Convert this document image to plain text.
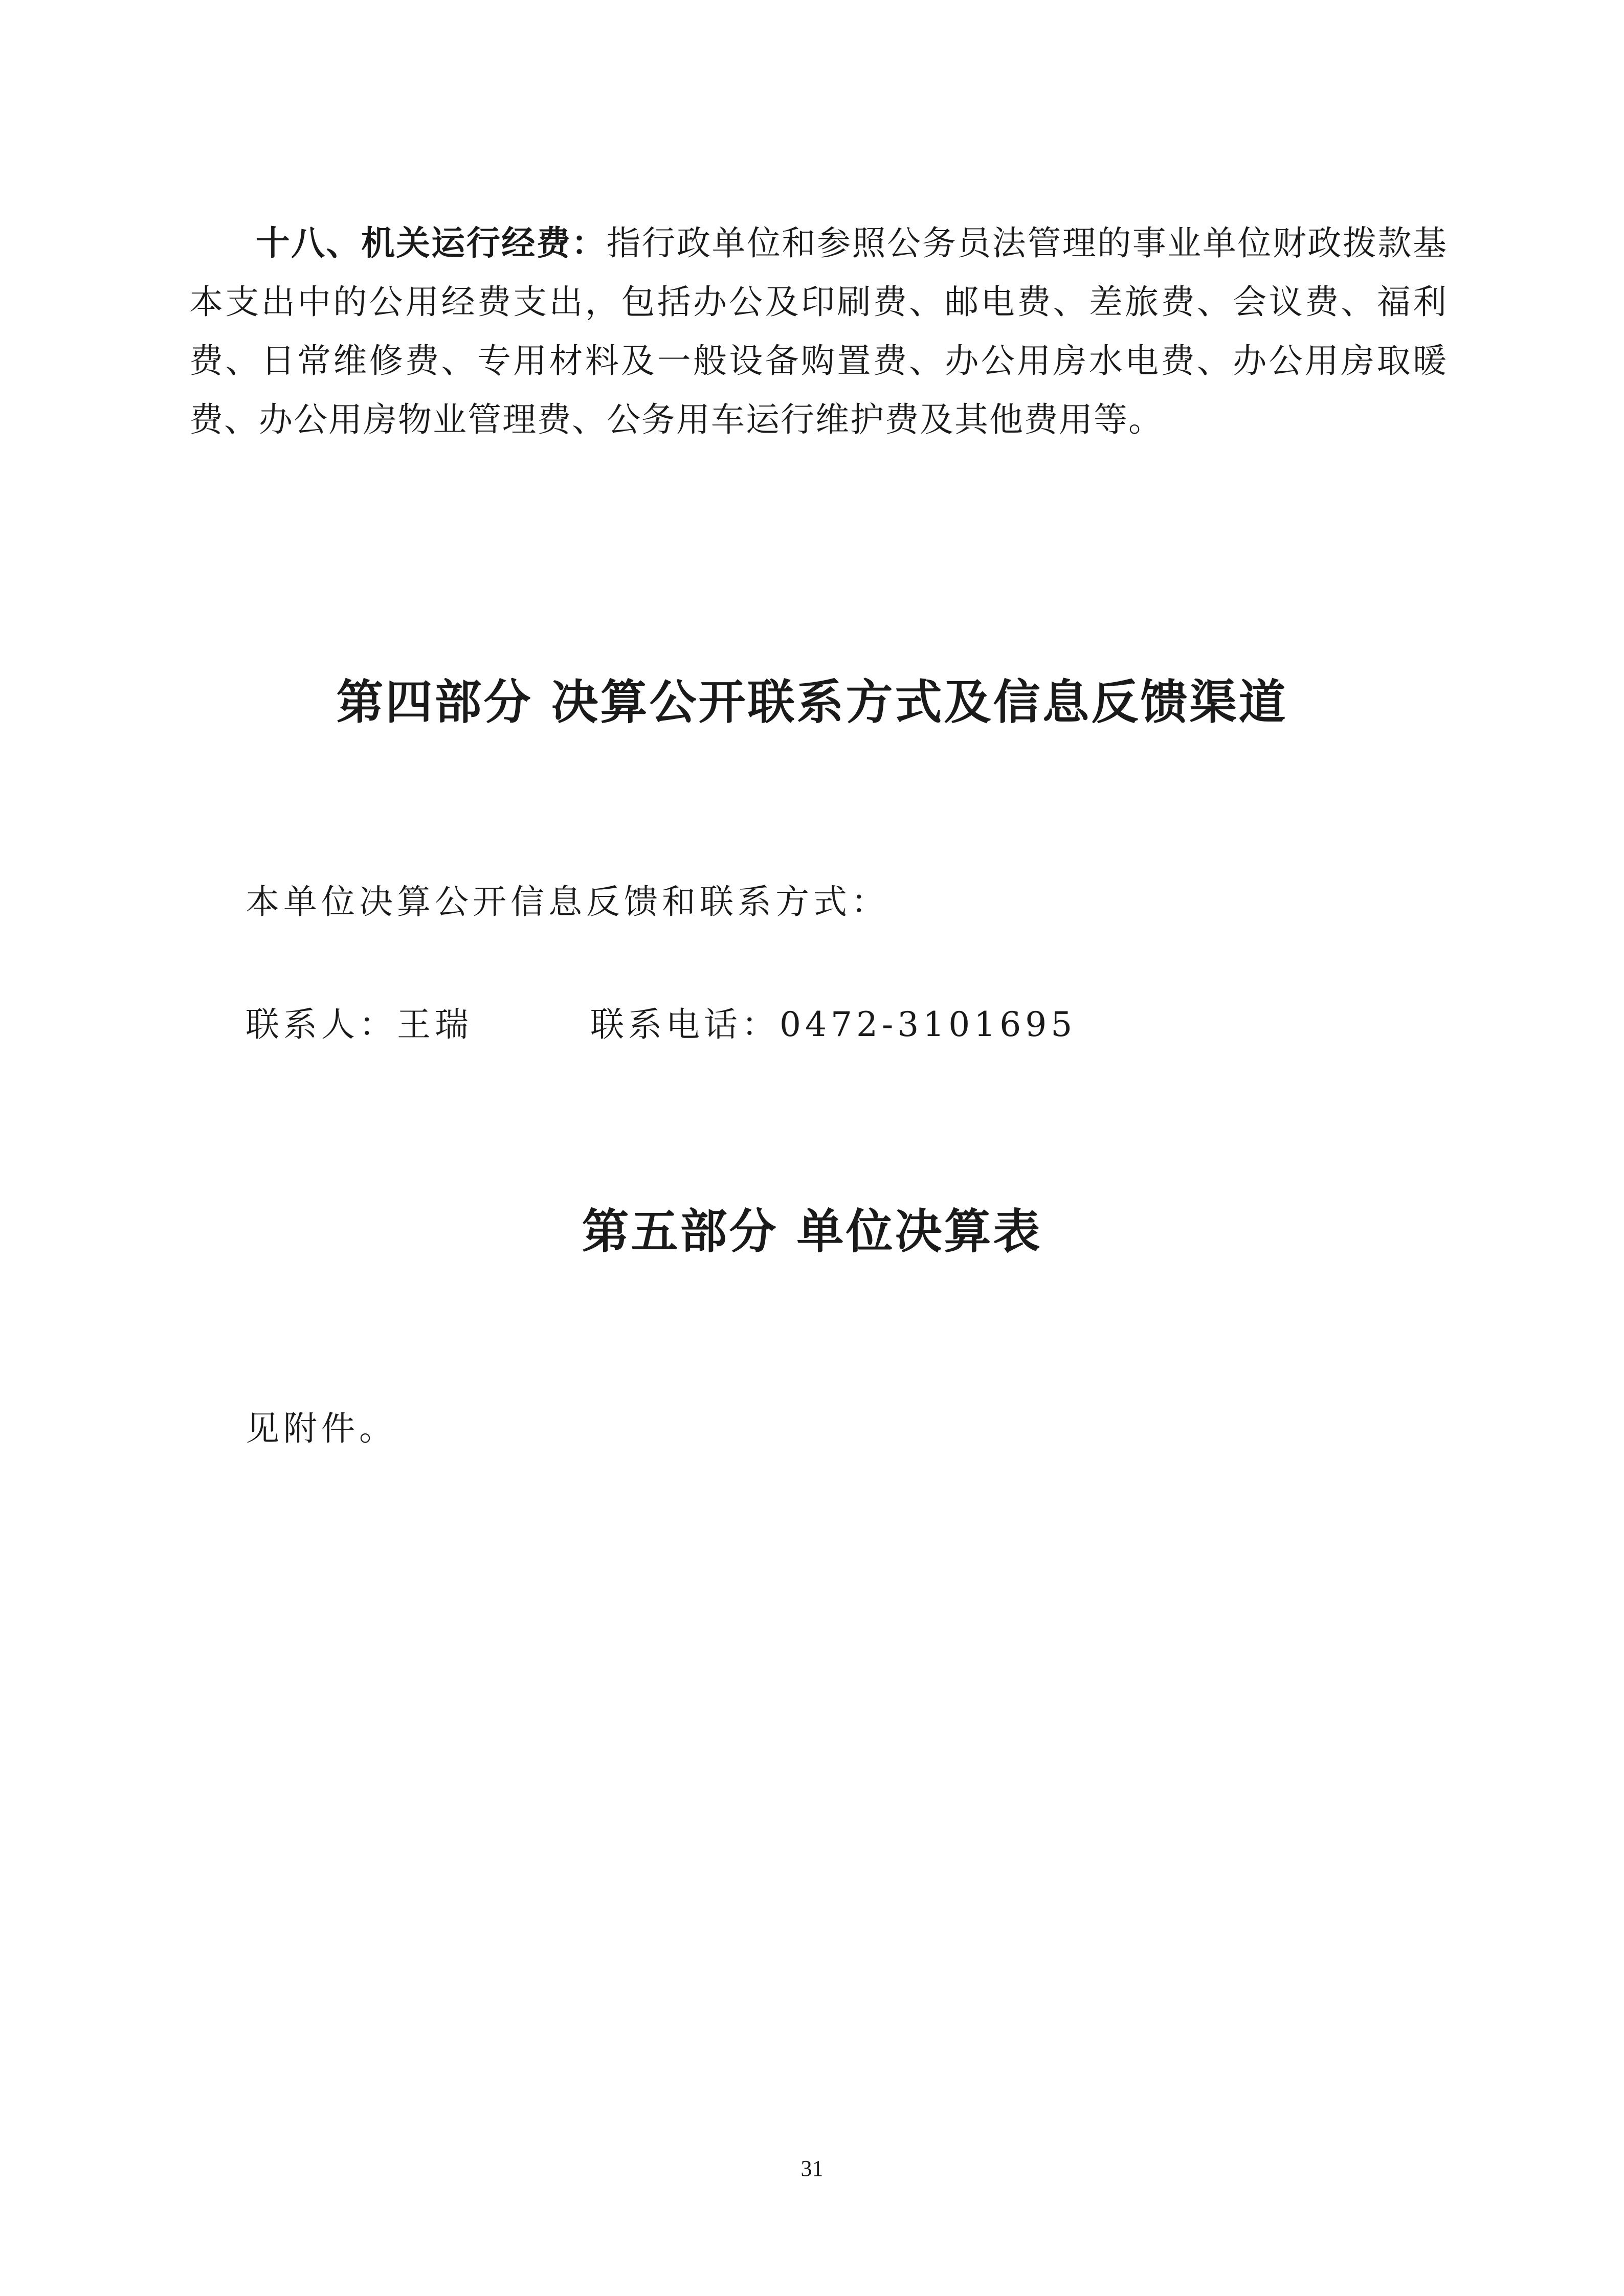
十八、机关运行经费：指行政单位和参照公务员法管理的事业单位财政拨款基本支出中的公用经费支出，包括办公及印刷费、邮电费、差旅费、会议费、福利费、日常维修费、专用材料及一般设备购置费、办公用房水电费、办公用房取暖费、办公用房物业管理费、公务用车运行维护费及其他费用等。
第四部分 决算公开联系方式及信息反馈渠道
本单位决算公开信息反馈和联系方式：
联系人：王瑞	联系电话：0472-3101695
第五部分 单位决算表
见附件。
31
